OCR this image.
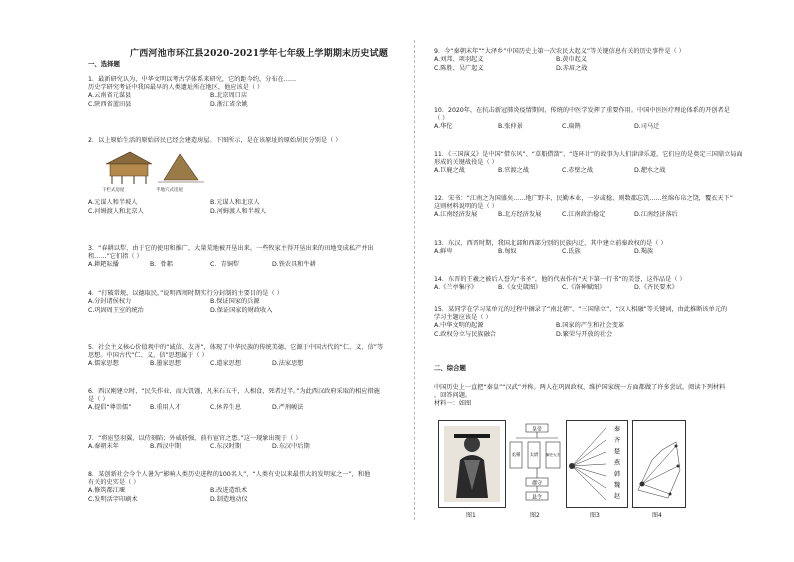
广西河池市环江县2020-2021学年七年级上学期期末历史试题
一、选择题

1．最新研究认为，中华文明以考古学体系来研究，它的距今约，分布在……

历史学研究考证中我国最早的人类遗址所在地区，他应该是（ ）

A.云南省元谋县	B.北京周口店
C.陕西省蓝田县	D.浙江省余姚

2．以上原始生活的原始居民已经会建造房屋。下图所示，是在该原址的原始居民分别是（ ）

干栏式房屋	半地穴式房屋
A.元谋人和半坡人	B.元谋人和北京人
C.河姆渡人和北京人	D.河姆渡人和半坡人

3．“春耕以犁，由于它的使用和推广，大量荒地被开垦出来。一些牧家主得开垦出来的田地变成私产并出

租……”它们指（ ）

A.耕耙耘播	B．骨耜	C．青铜犁	D.铁农具和牛耕

4．“打破常规、以德取民，”说明西周时期实行分封制的主要目的是（ ）

A.分封诸侯权力	B.保证国家的兵源
C.巩固周王室的统治	D.保证国家的财政收入

5．社会主义核心价值观中的“诚信、友善”，体现了中华民族的传统美德。它源于中国古代的“仁、义、信”等

思想。中国古代“仁、义、信”思想属于（ ）

A.儒家思想	B.墨家思想	C.道家思想	D.法家思想

6．西汉刚建立时，“民失作业，而大饥馑，凡米石五千，人相食，死者过半。”为此西汉政府采取的相应措施

是（ ）

A.提倡“尊崇儒”	B.重用人才	C.休养生息	D.严刑峻法

7．“将宦竖羽翼，以侍刻陷；外威骄强，前有宦官之患。”这一现象出现于（ ）

A.秦朝末年	B.西汉中期	C.东汉时期	D.东汉中后期

8．某创新社会今个人暑为“影响人类历史进程的100名人”，“人类有史以来最伟大的发明家之一”，和他

有关的史实是（ ）

A.修筑都江堰	B.改进造纸术
C.发明活字印刷术	D.制造地动仪

9．今“秦朝末年”“大泽乡”中国历史上第一次农民大起义”等关键信息有关的历史事件是（ ）

A.刘邦、项羽起义	B.黄巾起义
C.陈胜、吴广起义	D.赤眉之战

10．2020年，在抗击新冠肺炎疫情期间，传统的中医学发挥了重要作用。中国中医医疗理论体系的开创者是

（ ）

A.华佗	B.张仲景	C.扁鹊	D.司马迁

11．《三国演义》是中国“借东风”、“草船借箭”、“连环计”的故事为人们津津乐道，它们应的是奠定三国鼎立局面

形成的关键战役是（ ）

A.巨鹿之战	B.官渡之战	C.赤壁之战	D.淝水之战

12．宋书：“江南之为国盛矣……地广野丰，民勤本业，一岁或稔，则数郡忘饥……丝绵布帛之饶，覆衣天下”

这则材料说明的是（ ）

A.江南经济发展	B.北方经济发展	C.江南政治稳定	D.江南经济落后

13．东汉、西晋时期，我国北部和西部分别的民族内迁，其中建立前秦政权的是（ ）

A.鲜卑	B.匈奴	C.氐族	D.羯族

14．东晋的王羲之被后人誉为“书圣”，他的代表作有“天下第一行书”的美誉，这作品是（ ）

A.《兰亭集序》	B.《女史箴图》	C.《洛神赋图》	D.《齐民要术》

15．某同学在学习某单元的过程中摘录了“南北朝”、“三国鼎立”、“汉人相融”等关键词，由此推断该单元的

学习主题应该是（ ）

A.中华文明的起源	B.国家的产生和社会变革
C.政权分立与民族融合	D.繁荣与开放的社会
二、综合题

中国历史上一直把“秦皇”“汉武”并称。两人在巩固政权、维护国家统一方面都做了许多尝试。阅读下列材料

，回答问题。

材料一：如图

图1
皇帝
丞相 太尉 御史大夫
郡守
县令
图2
秦
齐
楚
燕
韩
魏
赵
图3	图4
